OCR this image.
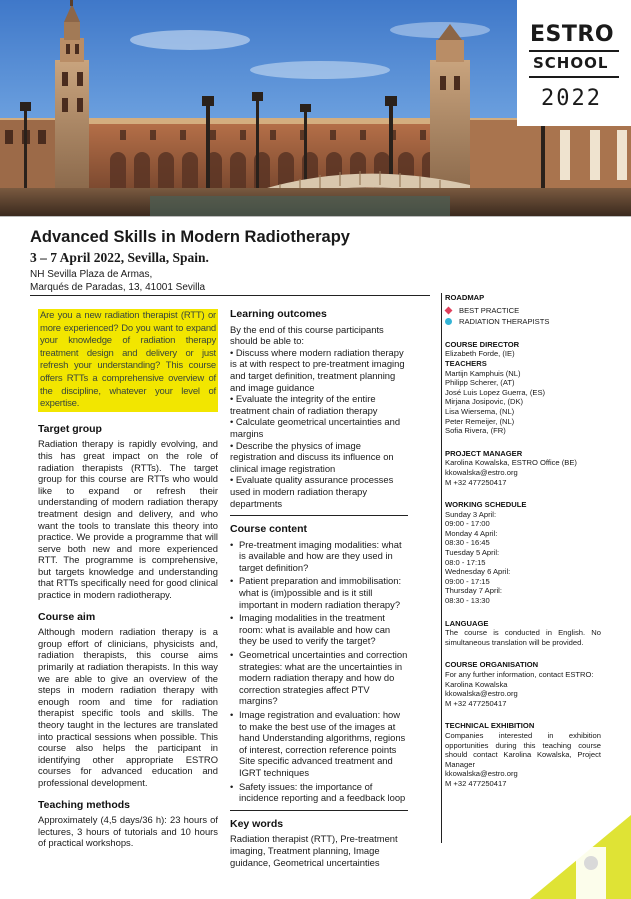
ESTRO
SCHOOL
2022
Advanced Skills in Modern Radiotherapy
3 – 7 April 2022, Sevilla, Spain.
NH Sevilla Plaza de Armas,
Marqués de Paradas, 13, 41001 Sevilla
Are you a new radiation therapist (RTT) or more experienced? Do you want to expand your knowledge of radiation therapy treatment design and delivery or just refresh your understanding? This course offers RTTs a comprehensive overview of the discipline, whatever your level of expertise.
Target group
Radiation therapy is rapidly evolving, and this has great impact on the role of radiation therapists (RTTs). The target group for this course are RTTs who would like to expand or refresh their understanding of modern radiation therapy treatment design and delivery, and who want the tools to translate this theory into practice. We provide a programme that will serve both new and more experienced RTT. The programme is comprehensive, but targets knowledge and understanding that RTTs specifically need for good clinical practice in modern radiotherapy.
Course aim
Although modern radiation therapy is a group effort of clinicians, physicists and, radiation therapists, this course aims primarily at radiation therapists. In this way we are able to give an overview of the steps in modern radiation therapy with enough room and time for radiation therapist specific tools and skills. The theory taught in the lectures are translated into practical sessions when possible. This course also helps the participant in identifying other appropriate ESTRO courses for advanced education and professional development.
Teaching methods
Approximately (4,5 days/36 h): 23 hours of lectures, 3 hours of tutorials and 10 hours of practical workshops.
Learning outcomes
By the end of this course participants should be able to:
• Discuss where modern radiation therapy is at with respect to pre-treatment imaging and target definition, treatment planning and image guidance
• Evaluate the integrity of the entire treatment chain of radiation therapy
• Calculate geometrical uncertainties and margins
• Describe the physics of image registration and discuss its influence on clinical image registration
• Evaluate quality assurance processes used in modern radiation therapy departments
Course content
• Pre-treatment imaging modalities: what is available and how are they used in target definition?
• Patient preparation and immobilisation: what is (im)possible and is it still important in modern radiation therapy?
• Imaging modalities in the treatment room: what is available and how can they be used to verify the target?
• Geometrical uncertainties and correction strategies: what are the uncertainties in modern radiation therapy and how do correction strategies affect PTV margins?
• Image registration and evaluation: how to make the best use of the images at hand Understanding algorithms, regions of interest, correction reference points Site specific advanced treatment and IGRT techniques
• Safety issues: the importance of incidence reporting and a feedback loop
Key words
Radiation therapist (RTT), Pre-treatment imaging, Treatment planning, Image guidance, Geometrical uncertainties
ROADMAP
BEST PRACTICE
RADIATION THERAPISTS
COURSE DIRECTOR
Elizabeth Forde, (IE)
TEACHERS
Martijn Kamphuis (NL)
Philipp Scherer, (AT)
José Luis Lopez Guerra, (ES)
Mirjana Josipovic, (DK)
Lisa Wiersema, (NL)
Peter Remeijer, (NL)
Sofia Rivera, (FR)
PROJECT MANAGER
Karolina Kowalska, ESTRO Office (BE)
kkowalska@estro.org
M +32 477250417
WORKING SCHEDULE
Sunday 3 April:
09:00 - 17:00
Monday 4 April:
08:30 - 16:45
Tuesday 5 April:
08:0 - 17:15
Wednesday 6 April:
09:00 - 17:15
Thursday 7 April:
08:30 - 13:30
LANGUAGE
The course is conducted in English. No simultaneous translation will be provided.
COURSE ORGANISATION
For any further information, contact ESTRO:
Karolina Kowalska
kkowalska@estro.org
M +32 477250417
TECHNICAL EXHIBITION
Companies interested in exhibition opportunities during this teaching course should contact Karolina Kowalska, Project Manager
kkowalska@estro.org
M +32 477250417
